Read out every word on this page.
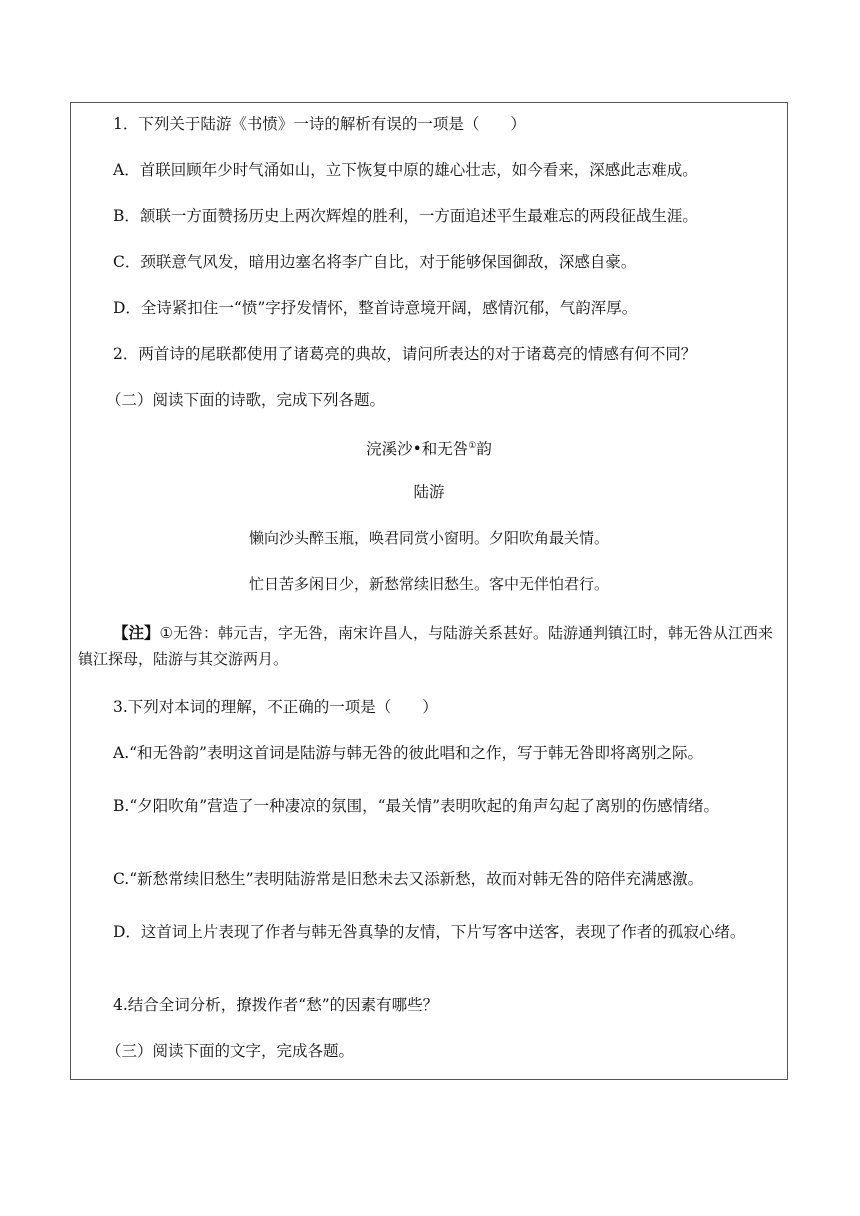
1．下列关于陆游《书愤》一诗的解析有误的一项是（　　）
A．首联回顾年少时气涌如山，立下恢复中原的雄心壮志，如今看来，深感此志难成。
B．颔联一方面赞扬历史上两次辉煌的胜利，一方面追述平生最难忘的两段征战生涯。
C．颈联意气风发，暗用边塞名将李广自比，对于能够保国御敌，深感自豪。
D．全诗紧扣住一“愤”字抒发情怀，整首诗意境开阔，感情沉郁，气韵浑厚。
2．两首诗的尾联都使用了诸葛亮的典故，请问所表达的对于诸葛亮的情感有何不同？
（二）阅读下面的诗歌，完成下列各题。
浣溪沙•和无咎①韵
陆游
懒向沙头醉玉瓶，唤君同赏小窗明。夕阳吹角最关情。
忙日苦多闲日少，新愁常续旧愁生。客中无伴怕君行。
【注】①无咎：韩元吉，字无咎，南宋许昌人，与陆游关系甚好。陆游通判镇江时，韩无咎从江西来镇江探母，陆游与其交游两月。
3.下列对本词的理解，不正确的一项是（　　）
A.“和无咎韵”表明这首词是陆游与韩无咎的彼此唱和之作，写于韩无咎即将离别之际。
B.“夕阳吹角”营造了一种凄凉的氛围，“最关情”表明吹起的角声勾起了离别的伤感情绪。
C.“新愁常续旧愁生”表明陆游常是旧愁未去又添新愁，故而对韩无咎的陪伴充满感激。
D．这首词上片表现了作者与韩无咎真挚的友情，下片写客中送客，表现了作者的孤寂心绪。
4.结合全词分析，撩拨作者“愁”的因素有哪些？
（三）阅读下面的文字，完成各题。
